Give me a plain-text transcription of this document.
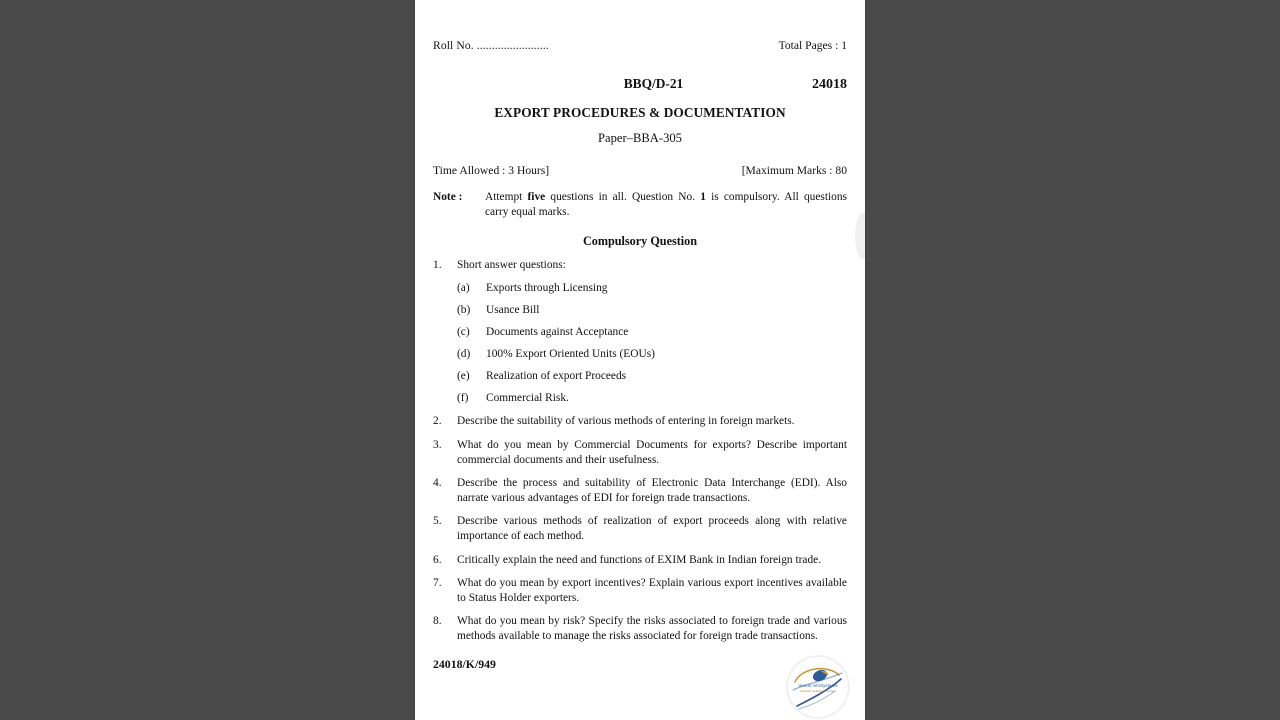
Roll No. ........................	Total Pages : 1
BBQ/D-21	24018
EXPORT PROCEDURES & DOCUMENTATION
Paper–BBA-305
Time Allowed : 3 Hours]	[Maximum Marks : 80
Note :	Attempt five questions in all. Question No. 1 is compulsory. All questions carry equal marks.
Compulsory Question
1.	Short answer questions:
(a)	Exports through Licensing
(b)	Usance Bill
(c)	Documents against Acceptance
(d)	100% Export Oriented Units (EOUs)
(e)	Realization of export Proceeds
(f)	Commercial Risk.
2.	Describe the suitability of various methods of entering in foreign markets.
3.	What do you mean by Commercial Documents for exports? Describe important commercial documents and their usefulness.
4.	Describe the process and suitability of Electronic Data Interchange (EDI). Also narrate various advantages of EDI for foreign trade transactions.
5.	Describe various methods of realization of export proceeds along with relative importance of each method.
6.	Critically explain the need and functions of EXIM Bank in Indian foreign trade.
7.	What do you mean by export incentives? Explain various export incentives available to Status Holder exporters.
8.	What do you mean by risk? Specify the risks associated to foreign trade and various methods available to manage the risks associated for foreign trade transactions.
24018/K/949
Venus InfoSystems
Software Solution Providers
